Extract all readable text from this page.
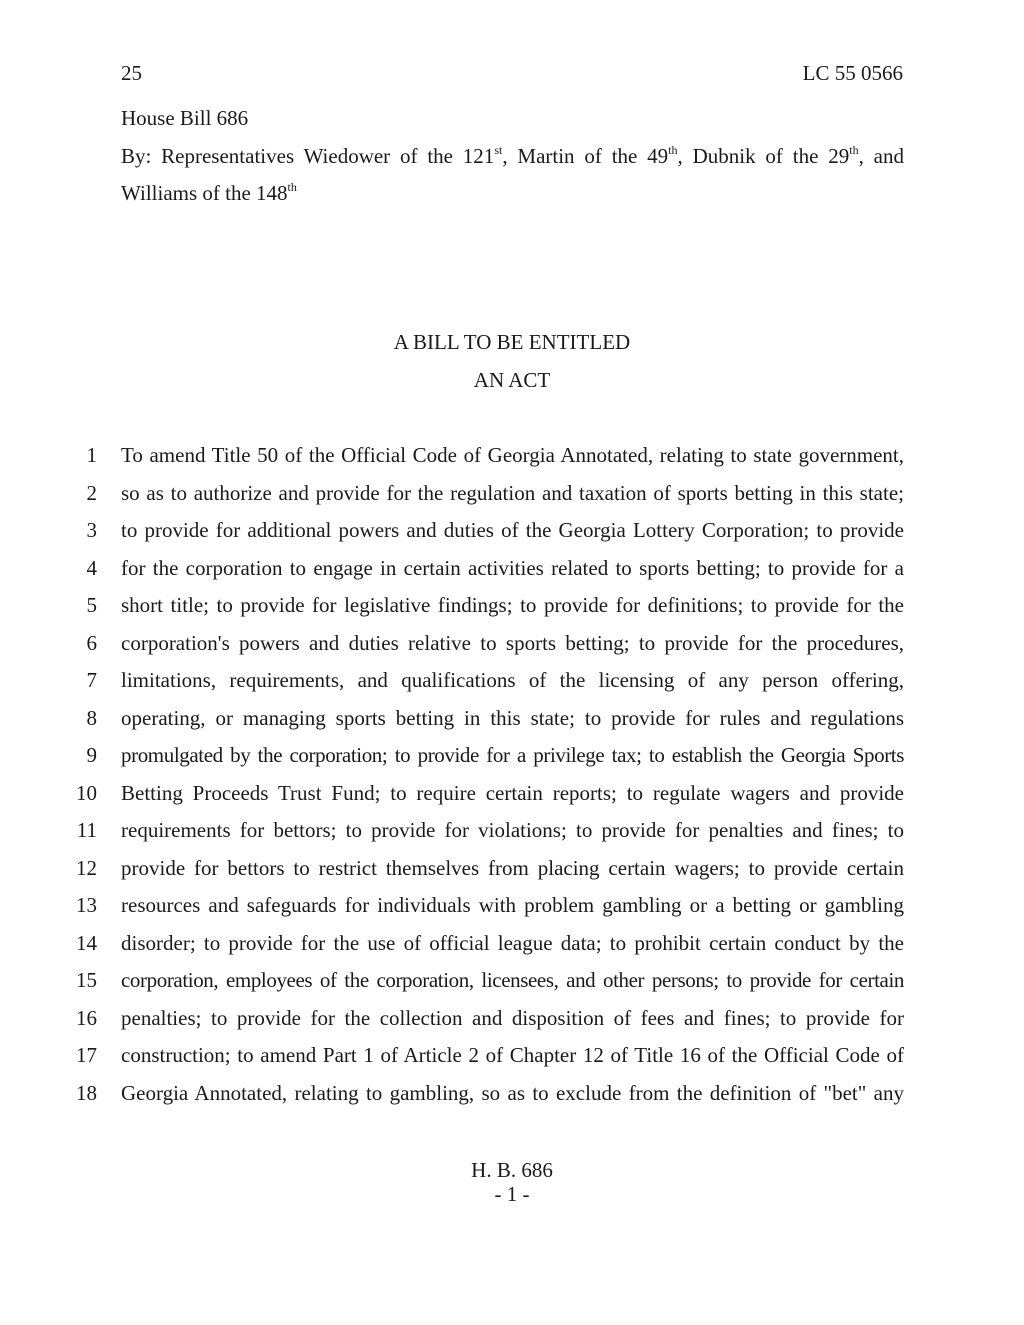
25	LC 55 0566
House Bill 686
By: Representatives Wiedower of the 121st, Martin of the 49th, Dubnik of the 29th, and
Williams of the 148th
A BILL TO BE ENTITLED
AN ACT
1 To amend Title 50 of the Official Code of Georgia Annotated, relating to state government,
2 so as to authorize and provide for the regulation and taxation of sports betting in this state;
3 to provide for additional powers and duties of the Georgia Lottery Corporation; to provide
4 for the corporation to engage in certain activities related to sports betting; to provide for a
5 short title; to provide for legislative findings; to provide for definitions; to provide for the
6 corporation's powers and duties relative to sports betting; to provide for the procedures,
7 limitations, requirements, and qualifications of the licensing of any person offering,
8 operating, or managing sports betting in this state; to provide for rules and regulations
9 promulgated by the corporation; to provide for a privilege tax; to establish the Georgia Sports
10 Betting Proceeds Trust Fund; to require certain reports; to regulate wagers and provide
11 requirements for bettors; to provide for violations; to provide for penalties and fines; to
12 provide for bettors to restrict themselves from placing certain wagers; to provide certain
13 resources and safeguards for individuals with problem gambling or a betting or gambling
14 disorder; to provide for the use of official league data; to prohibit certain conduct by the
15 corporation, employees of the corporation, licensees, and other persons; to provide for certain
16 penalties; to provide for the collection and disposition of fees and fines; to provide for
17 construction; to amend Part 1 of Article 2 of Chapter 12 of Title 16 of the Official Code of
18 Georgia Annotated, relating to gambling, so as to exclude from the definition of "bet" any
H. B. 686
- 1 -
